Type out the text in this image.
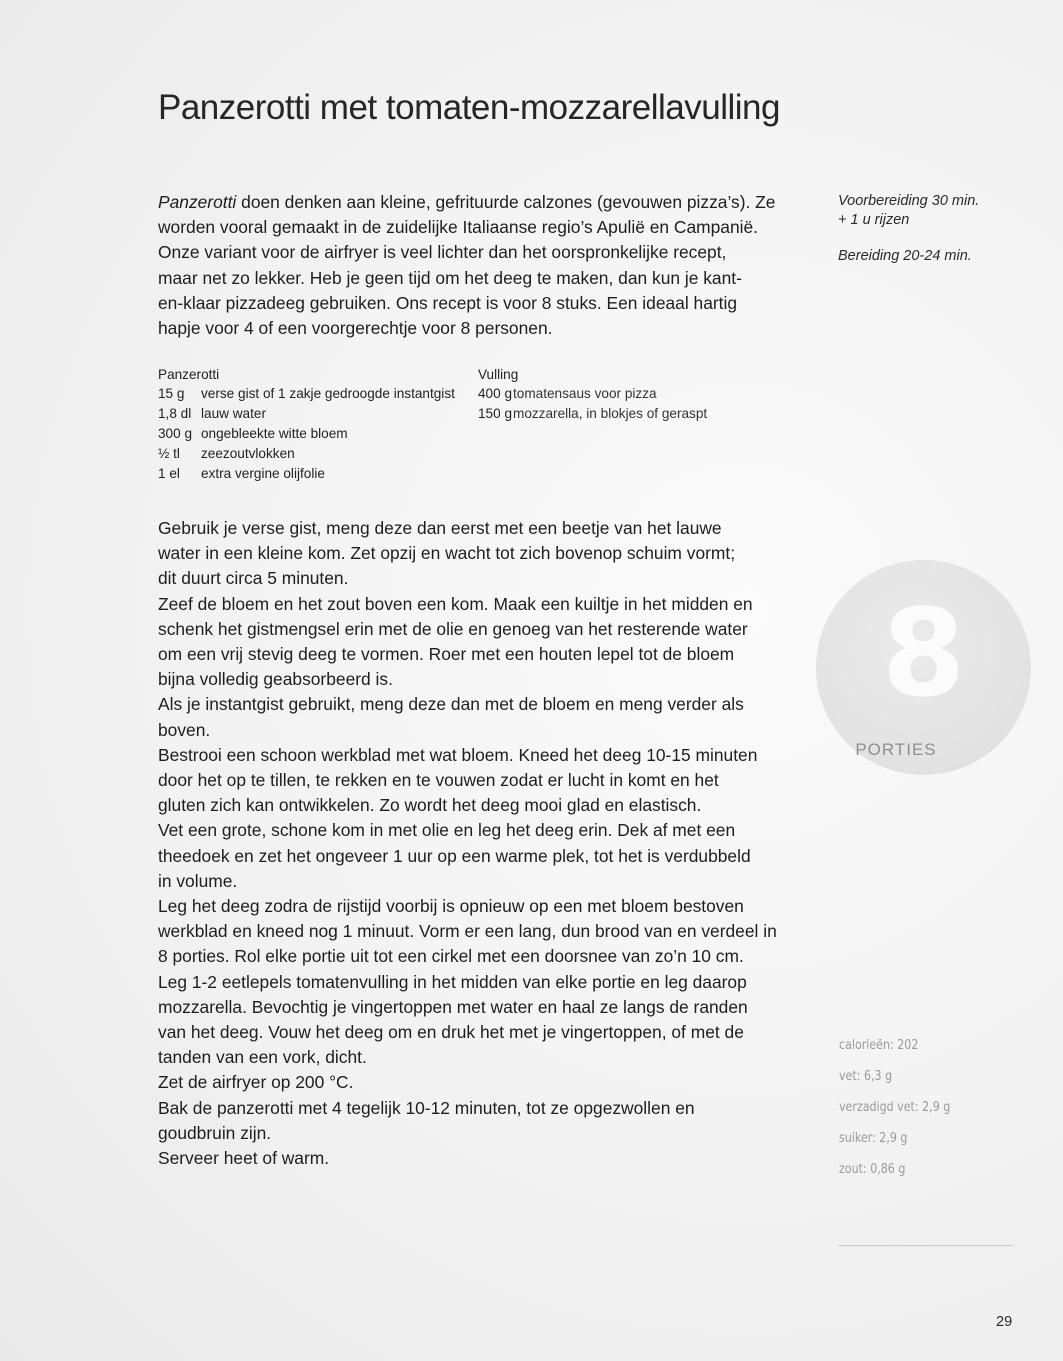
Panzerotti met tomaten-mozzarellavulling

Panzerotti doen denken aan kleine, gefrituurde calzones (gevouwen pizza’s). Ze

worden vooral gemaakt in de zuidelijke Italiaanse regio’s Apulië en Campanië.

Onze variant voor de airfryer is veel lichter dan het oorspronkelijke recept,

maar net zo lekker. Heb je geen tijd om het deeg te maken, dan kun je kant-

en-klaar pizzadeeg gebruiken. Ons recept is voor 8 stuks. Een ideaal hartig

hapje voor 4 of een voorgerechtje voor 8 personen.

Voorbereiding 30 min.

+ 1 u rijzen

Bereiding 20-24 min.

Panzerotti
15 g	verse gist of 1 zakje gedroogde instantgist
1,8 dl lauw water
300 g ongebleekte witte bloem
½ tl	zeezoutvlokken
1 el	extra vergine olijfolie
Vulling
400 g tomatensaus voor pizza
150 g mozzarella, in blokjes of geraspt

Gebruik je verse gist, meng deze dan eerst met een beetje van het lauwe

water in een kleine kom. Zet opzij en wacht tot zich bovenop schuim vormt;

dit duurt circa 5 minuten.

Zeef de bloem en het zout boven een kom. Maak een kuiltje in het midden en

schenk het gistmengsel erin met de olie en genoeg van het resterende water

om een vrij stevig deeg te vormen. Roer met een houten lepel tot de bloem

bijna volledig geabsorbeerd is.

Als je instantgist gebruikt, meng deze dan met de bloem en meng verder als

boven.

Bestrooi een schoon werkblad met wat bloem. Kneed het deeg 10-15 minuten

door het op te tillen, te rekken en te vouwen zodat er lucht in komt en het

gluten zich kan ontwikkelen. Zo wordt het deeg mooi glad en elastisch.

Vet een grote, schone kom in met olie en leg het deeg erin. Dek af met een

theedoek en zet het ongeveer 1 uur op een warme plek, tot het is verdubbeld

in volume.

Leg het deeg zodra de rijstijd voorbij is opnieuw op een met bloem bestoven

werkblad en kneed nog 1 minuut. Vorm er een lang, dun brood van en verdeel in

8 porties. Rol elke portie uit tot een cirkel met een doorsnee van zo’n 10 cm.

Leg 1-2 eetlepels tomatenvulling in het midden van elke portie en leg daarop

mozzarella. Bevochtig je vingertoppen met water en haal ze langs de randen

van het deeg. Vouw het deeg om en druk het met je vingertoppen, of met de

tanden van een vork, dicht.

Zet de airfryer op 200 °C.

Bak de panzerotti met 4 tegelijk 10-12 minuten, tot ze opgezwollen en

goudbruin zijn.

Serveer heet of warm.

8
PORTIES

calorieën: 202

vet: 6,3 g

verzadigd vet: 2,9 g

suiker: 2,9 g

zout: 0,86 g

29
